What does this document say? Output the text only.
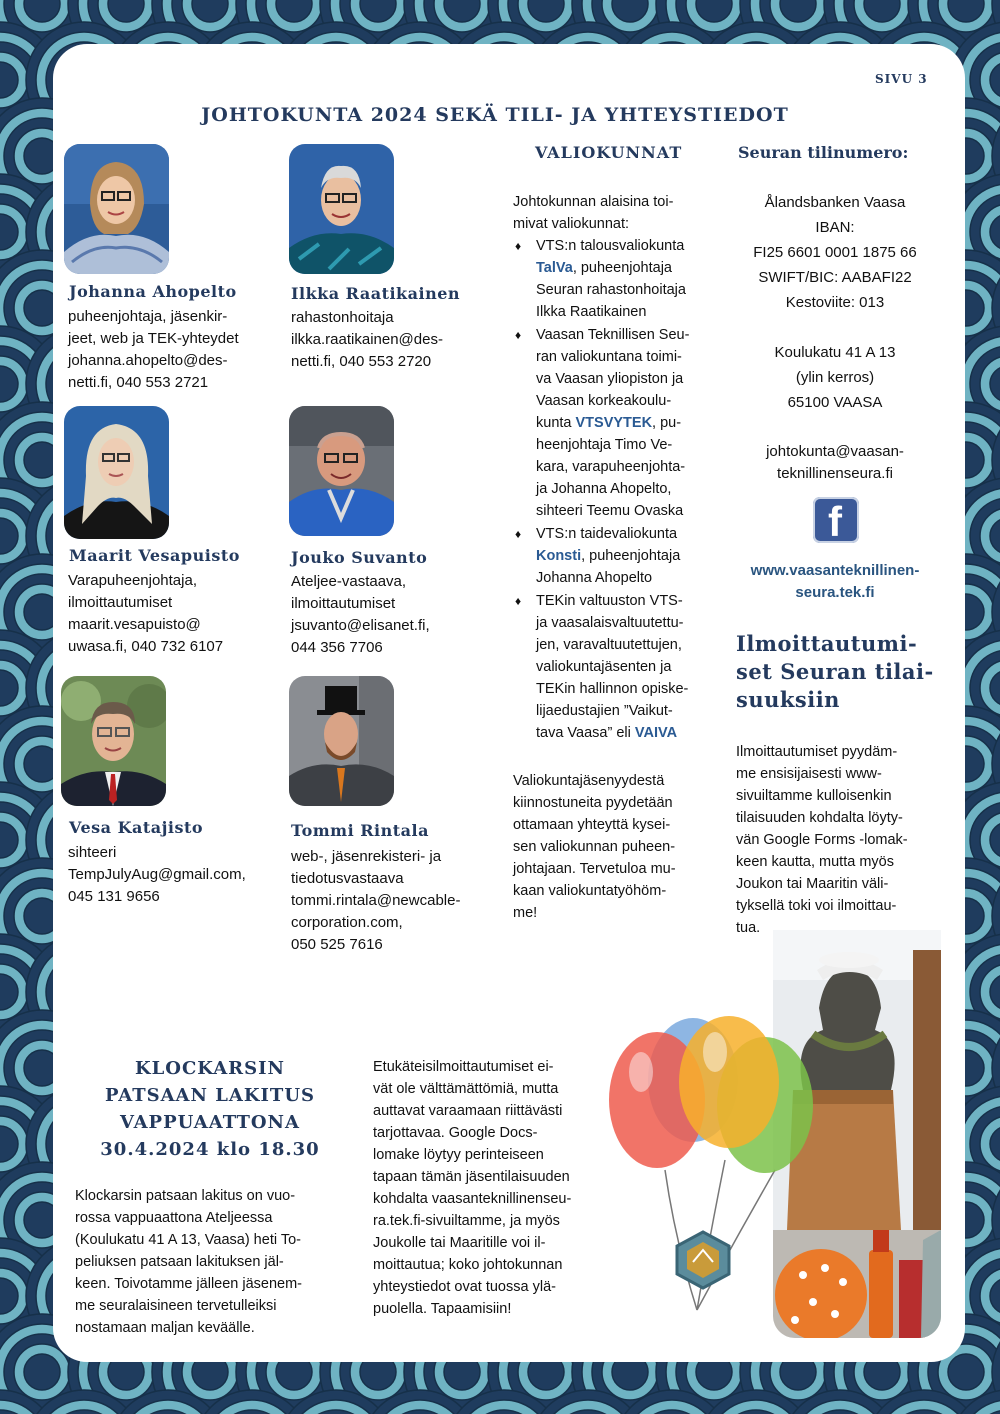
SIVU 3
JOHTOKUNTA 2024 SEKÄ TILI- JA YHTEYSTIEDOT
Johanna Ahopelto
puheenjohtaja, jäsenkir-
jeet, web ja TEK-yhteydet
johanna.ahopelto@des-
netti.fi, 040 553 2721
Ilkka Raatikainen
rahastonhoitaja
ilkka.raatikainen@des-
netti.fi, 040 553 2720
Maarit Vesapuisto
Varapuheenjohtaja,
ilmoittautumiset
maarit.vesapuisto@
uwasa.fi, 040 732 6107
Jouko Suvanto
Ateljee-vastaava,
ilmoittautumiset
jsuvanto@elisanet.fi,
044 356 7706
Vesa Katajisto
sihteeri
TempJulyAug@gmail.com,
045 131 9656
Tommi Rintala
web-, jäsenrekisteri- ja
tiedotusvastaava
tommi.rintala@newcable-
corporation.com,
050 525 7616
VALIOKUNNAT
Johtokunnan alaisina toi-
mivat valiokunnat:
♦ VTS:n talousvaliokunta
TalVa, puheenjohtaja
Seuran rahastonhoitaja
Ilkka Raatikainen
♦ Vaasan Teknillisen Seu-
ran valiokuntana toimi-
va Vaasan yliopiston ja
Vaasan korkeakoulu-
kunta VTSVYTEK, pu-
heenjohtaja Timo Ve-
kara, varapuheenjohta-
ja Johanna Ahopelto,
sihteeri Teemu Ovaska
♦ VTS:n taidevaliokunta
Konsti, puheenjohtaja
Johanna Ahopelto
♦ TEKin valtuuston VTS-
ja vaasalaisvaltuutettu-
jen, varavaltuutettujen,
valiokuntajäsenten ja
TEKin hallinnon opiske-
lijaedustajien ”Vaikut-
tava Vaasa” eli VAIVA
Valiokuntajäsenyydestä
kiinnostuneita pyydetään
ottamaan yhteyttä kysei-
sen valiokunnan puheen-
johtajaan. Tervetuloa mu-
kaan valiokuntatyöhöm-
me!
Seuran tilinumero:
Ålandsbanken Vaasa
IBAN:
FI25 6601 0001 1875 66
SWIFT/BIC: AABAFI22
Kestoviite: 013
Koulukatu 41 A 13
(ylin kerros)
65100 VAASA
johtokunta@vaasan-
teknillinenseura.fi
f
www.vaasanteknillinen-
seura.tek.fi
Ilmoittautumi-
set Seuran tilai-
suuksiin
Ilmoittautumiset pyydäm-
me ensisijaisesti www-
sivuiltamme kulloisenkin
tilaisuuden kohdalta löyty-
vän Google Forms -lomak-
keen kautta, mutta myös
Joukon tai Maaritin väli-
tyksellä toki voi ilmoittau-
tua.
KLOCKARSIN
PATSAAN LAKITUS
VAPPUAATTONA
30.4.2024 klo 18.30
Klockarsin patsaan lakitus on vuo-
rossa vappuaattona Ateljeessa
(Koulukatu 41 A 13, Vaasa) heti To-
peliuksen patsaan lakituksen jäl-
keen. Toivotamme jälleen jäsenem-
me seuralaisineen tervetulleiksi
nostamaan maljan keväälle.
Etukäteisilmoittautumiset ei-
vät ole välttämättömiä, mutta
auttavat varaamaan riittävästi
tarjottavaa. Google Docs-
lomake löytyy perinteiseen
tapaan tämän jäsentilaisuuden
kohdalta vaasanteknillinenseu-
ra.tek.fi-sivuiltamme, ja myös
Joukolle tai Maaritille voi il-
moittautua; koko johtokunnan
yhteystiedot ovat tuossa ylä-
puolella. Tapaamisiin!
